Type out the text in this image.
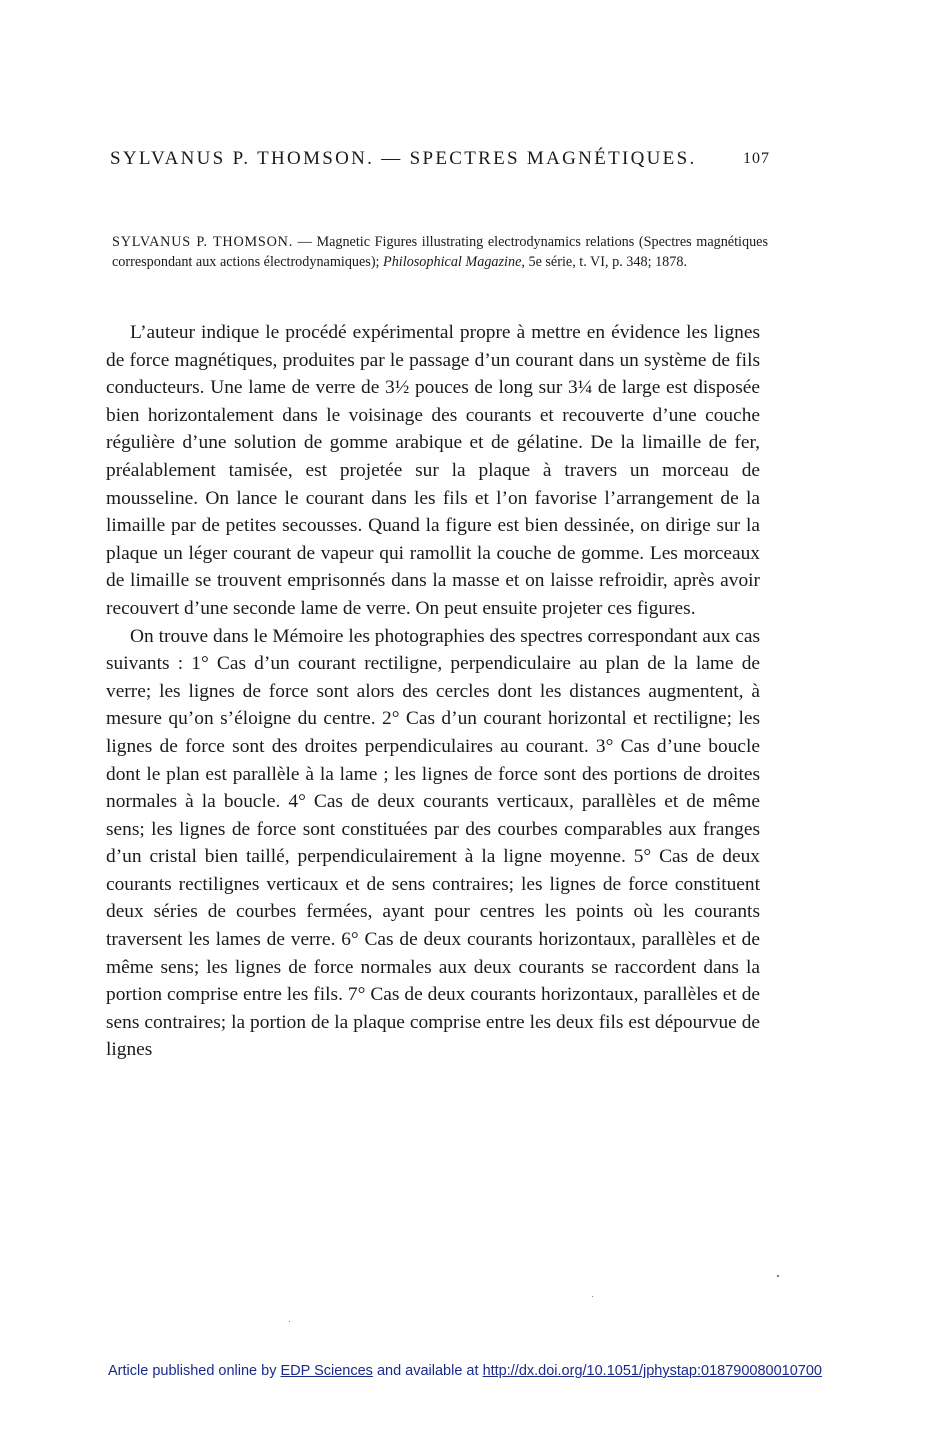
SYLVANUS P. THOMSON. — SPECTRES MAGNÉTIQUES.	107
SYLVANUS P. THOMSON. — Magnetic Figures illustrating electrodynamics relations (Spectres magnétiques correspondant aux actions électrodynamiques); Philosophical Magazine, 5e série, t. VI, p. 348; 1878.

L’auteur indique le procédé expérimental propre à mettre en évidence les lignes de force magnétiques, produites par le passage d’un courant dans un système de fils conducteurs. Une lame de verre de 3½ pouces de long sur 3¼ de large est disposée bien horizontalement dans le voisinage des courants et recouverte d’une couche régulière d’une solution de gomme arabique et de gélatine. De la limaille de fer, préalablement tamisée, est projetée sur la plaque à travers un morceau de mousseline. On lance le courant dans les fils et l’on favorise l’arrangement de la limaille par de petites secousses. Quand la figure est bien dessinée, on dirige sur la plaque un léger courant de vapeur qui ramollit la couche de gomme. Les morceaux de limaille se trouvent emprisonnés dans la masse et on laisse refroidir, après avoir recouvert d’une seconde lame de verre. On peut ensuite projeter ces figures.

On trouve dans le Mémoire les photographies des spectres correspondant aux cas suivants : 1° Cas d’un courant rectiligne, perpendiculaire au plan de la lame de verre; les lignes de force sont alors des cercles dont les distances augmentent, à mesure qu’on s’éloigne du centre. 2° Cas d’un courant horizontal et rectiligne; les lignes de force sont des droites perpendiculaires au courant. 3° Cas d’une boucle dont le plan est parallèle à la lame ; les lignes de force sont des portions de droites normales à la boucle. 4° Cas de deux courants verticaux, parallèles et de même sens; les lignes de force sont constituées par des courbes comparables aux franges d’un cristal bien taillé, perpendiculairement à la ligne moyenne. 5° Cas de deux courants rectilignes verticaux et de sens contraires; les lignes de force constituent deux séries de courbes fermées, ayant pour centres les points où les courants traversent les lames de verre. 6° Cas de deux courants horizontaux, parallèles et de même sens; les lignes de force normales aux deux courants se raccordent dans la portion comprise entre les fils. 7° Cas de deux courants horizontaux, parallèles et de sens contraires; la portion de la plaque comprise entre les deux fils est dépourvue de lignes

Article published online by EDP Sciences and available at http://dx.doi.org/10.1051/jphystap:018790080010700
